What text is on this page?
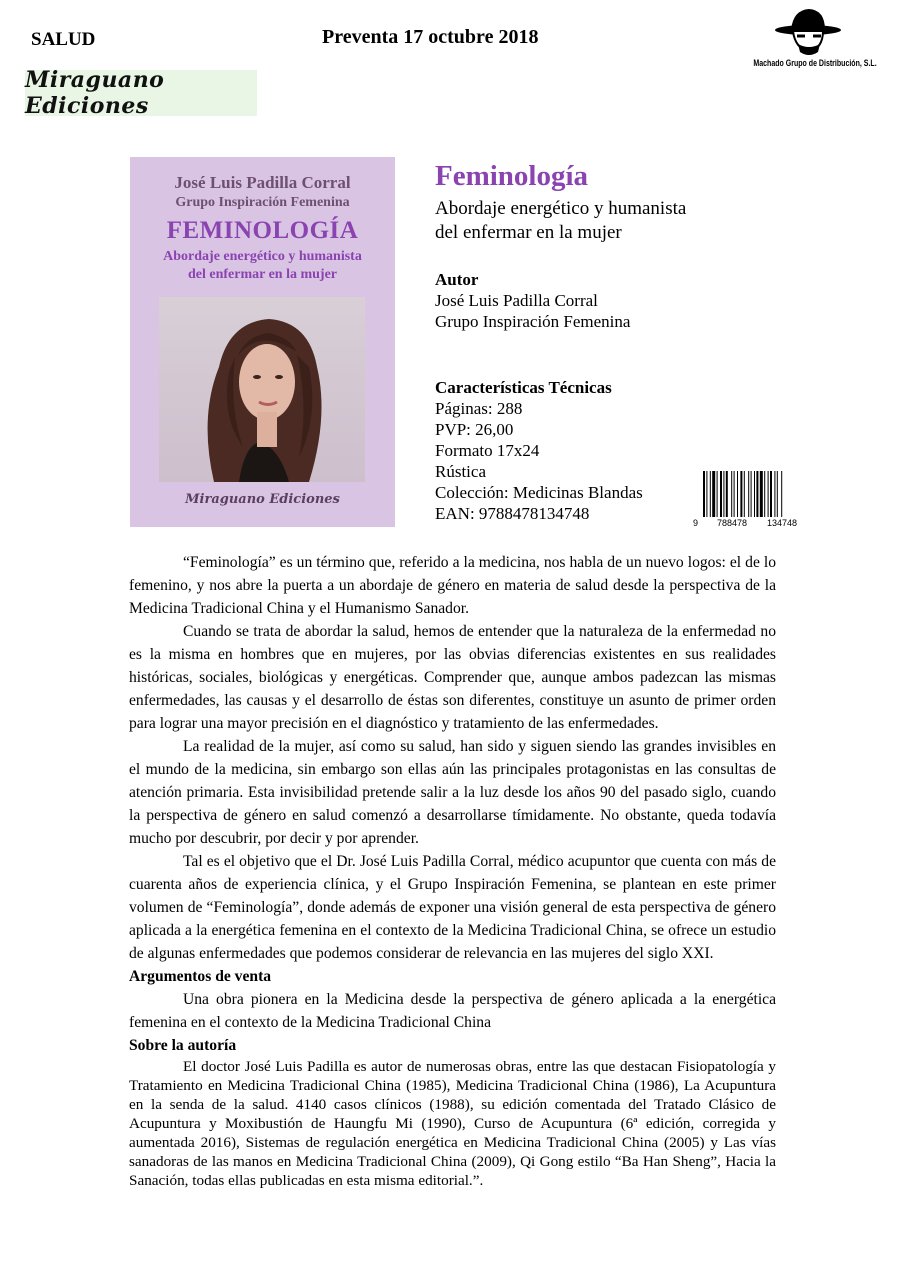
SALUD	Preventa 17 octubre 2018
Miraguano Ediciones
Machado Grupo de Distribución, S.L.
José Luis Padilla Corral
Grupo Inspiración Femenina
FEMINOLOGÍA
Abordaje energético y humanista
del enfermar en la mujer
Miraguano Ediciones
Feminología
Abordaje energético y humanista
del enfermar en la mujer
Autor
José Luis Padilla Corral
Grupo Inspiración Femenina
Características Técnicas
Páginas: 288
PVP: 26,00
Formato 17x24
Rústica
Colección: Medicinas Blandas
EAN: 9788478134748	9 788478 134748

“Feminología” es un término que, referido a la medicina, nos habla de un nuevo logos: el de lo femenino, y nos abre la puerta a un abordaje de género en materia de salud desde la perspectiva de la Medicina Tradicional China y el Humanismo Sanador.

Cuando se trata de abordar la salud, hemos de entender que la naturaleza de la enfermedad no es la misma en hombres que en mujeres, por las obvias diferencias existentes en sus realidades históricas, sociales, biológicas y energéticas. Comprender que, aunque ambos padezcan las mismas enfermedades, las causas y el desarrollo de éstas son diferentes, constituye un asunto de primer orden para lograr una mayor precisión en el diagnóstico y tratamiento de las enfermedades.

La realidad de la mujer, así como su salud, han sido y siguen siendo las grandes invisibles en el mundo de la medicina, sin embargo son ellas aún las principales protagonistas en las consultas de atención primaria. Esta invisibilidad pretende salir a la luz desde los años 90 del pasado siglo, cuando la perspectiva de género en salud comenzó a desarrollarse tímidamente. No obstante, queda todavía mucho por descubrir, por decir y por aprender.

Tal es el objetivo que el Dr. José Luis Padilla Corral, médico acupuntor que cuenta con más de cuarenta años de experiencia clínica, y el Grupo Inspiración Femenina, se plantean en este primer volumen de “Feminología”, donde además de exponer una visión general de esta perspectiva de género aplicada a la energética femenina en el contexto de la Medicina Tradicional China, se ofrece un estudio de algunas enfermedades que podemos considerar de relevancia en las mujeres del siglo XXI.

Argumentos de venta

Una obra pionera en la Medicina desde la perspectiva de género aplicada a la energética femenina en el contexto de la Medicina Tradicional China

Sobre la autoría

El doctor José Luis Padilla es autor de numerosas obras, entre las que destacan Fisiopatología y Tratamiento en Medicina Tradicional China (1985), Medicina Tradicional China (1986), La Acupuntura en la senda de la salud. 4140 casos clínicos (1988), su edición comentada del Tratado Clásico de Acupuntura y Moxibustión de Haungfu Mi (1990), Curso de Acupuntura (6ª edición, corregida y aumentada 2016), Sistemas de regulación energética en Medicina Tradicional China (2005) y Las vías sanadoras de las manos en Medicina Tradicional China (2009), Qi Gong estilo “Ba Han Sheng”, Hacia la Sanación, todas ellas publicadas en esta misma editorial.”.
